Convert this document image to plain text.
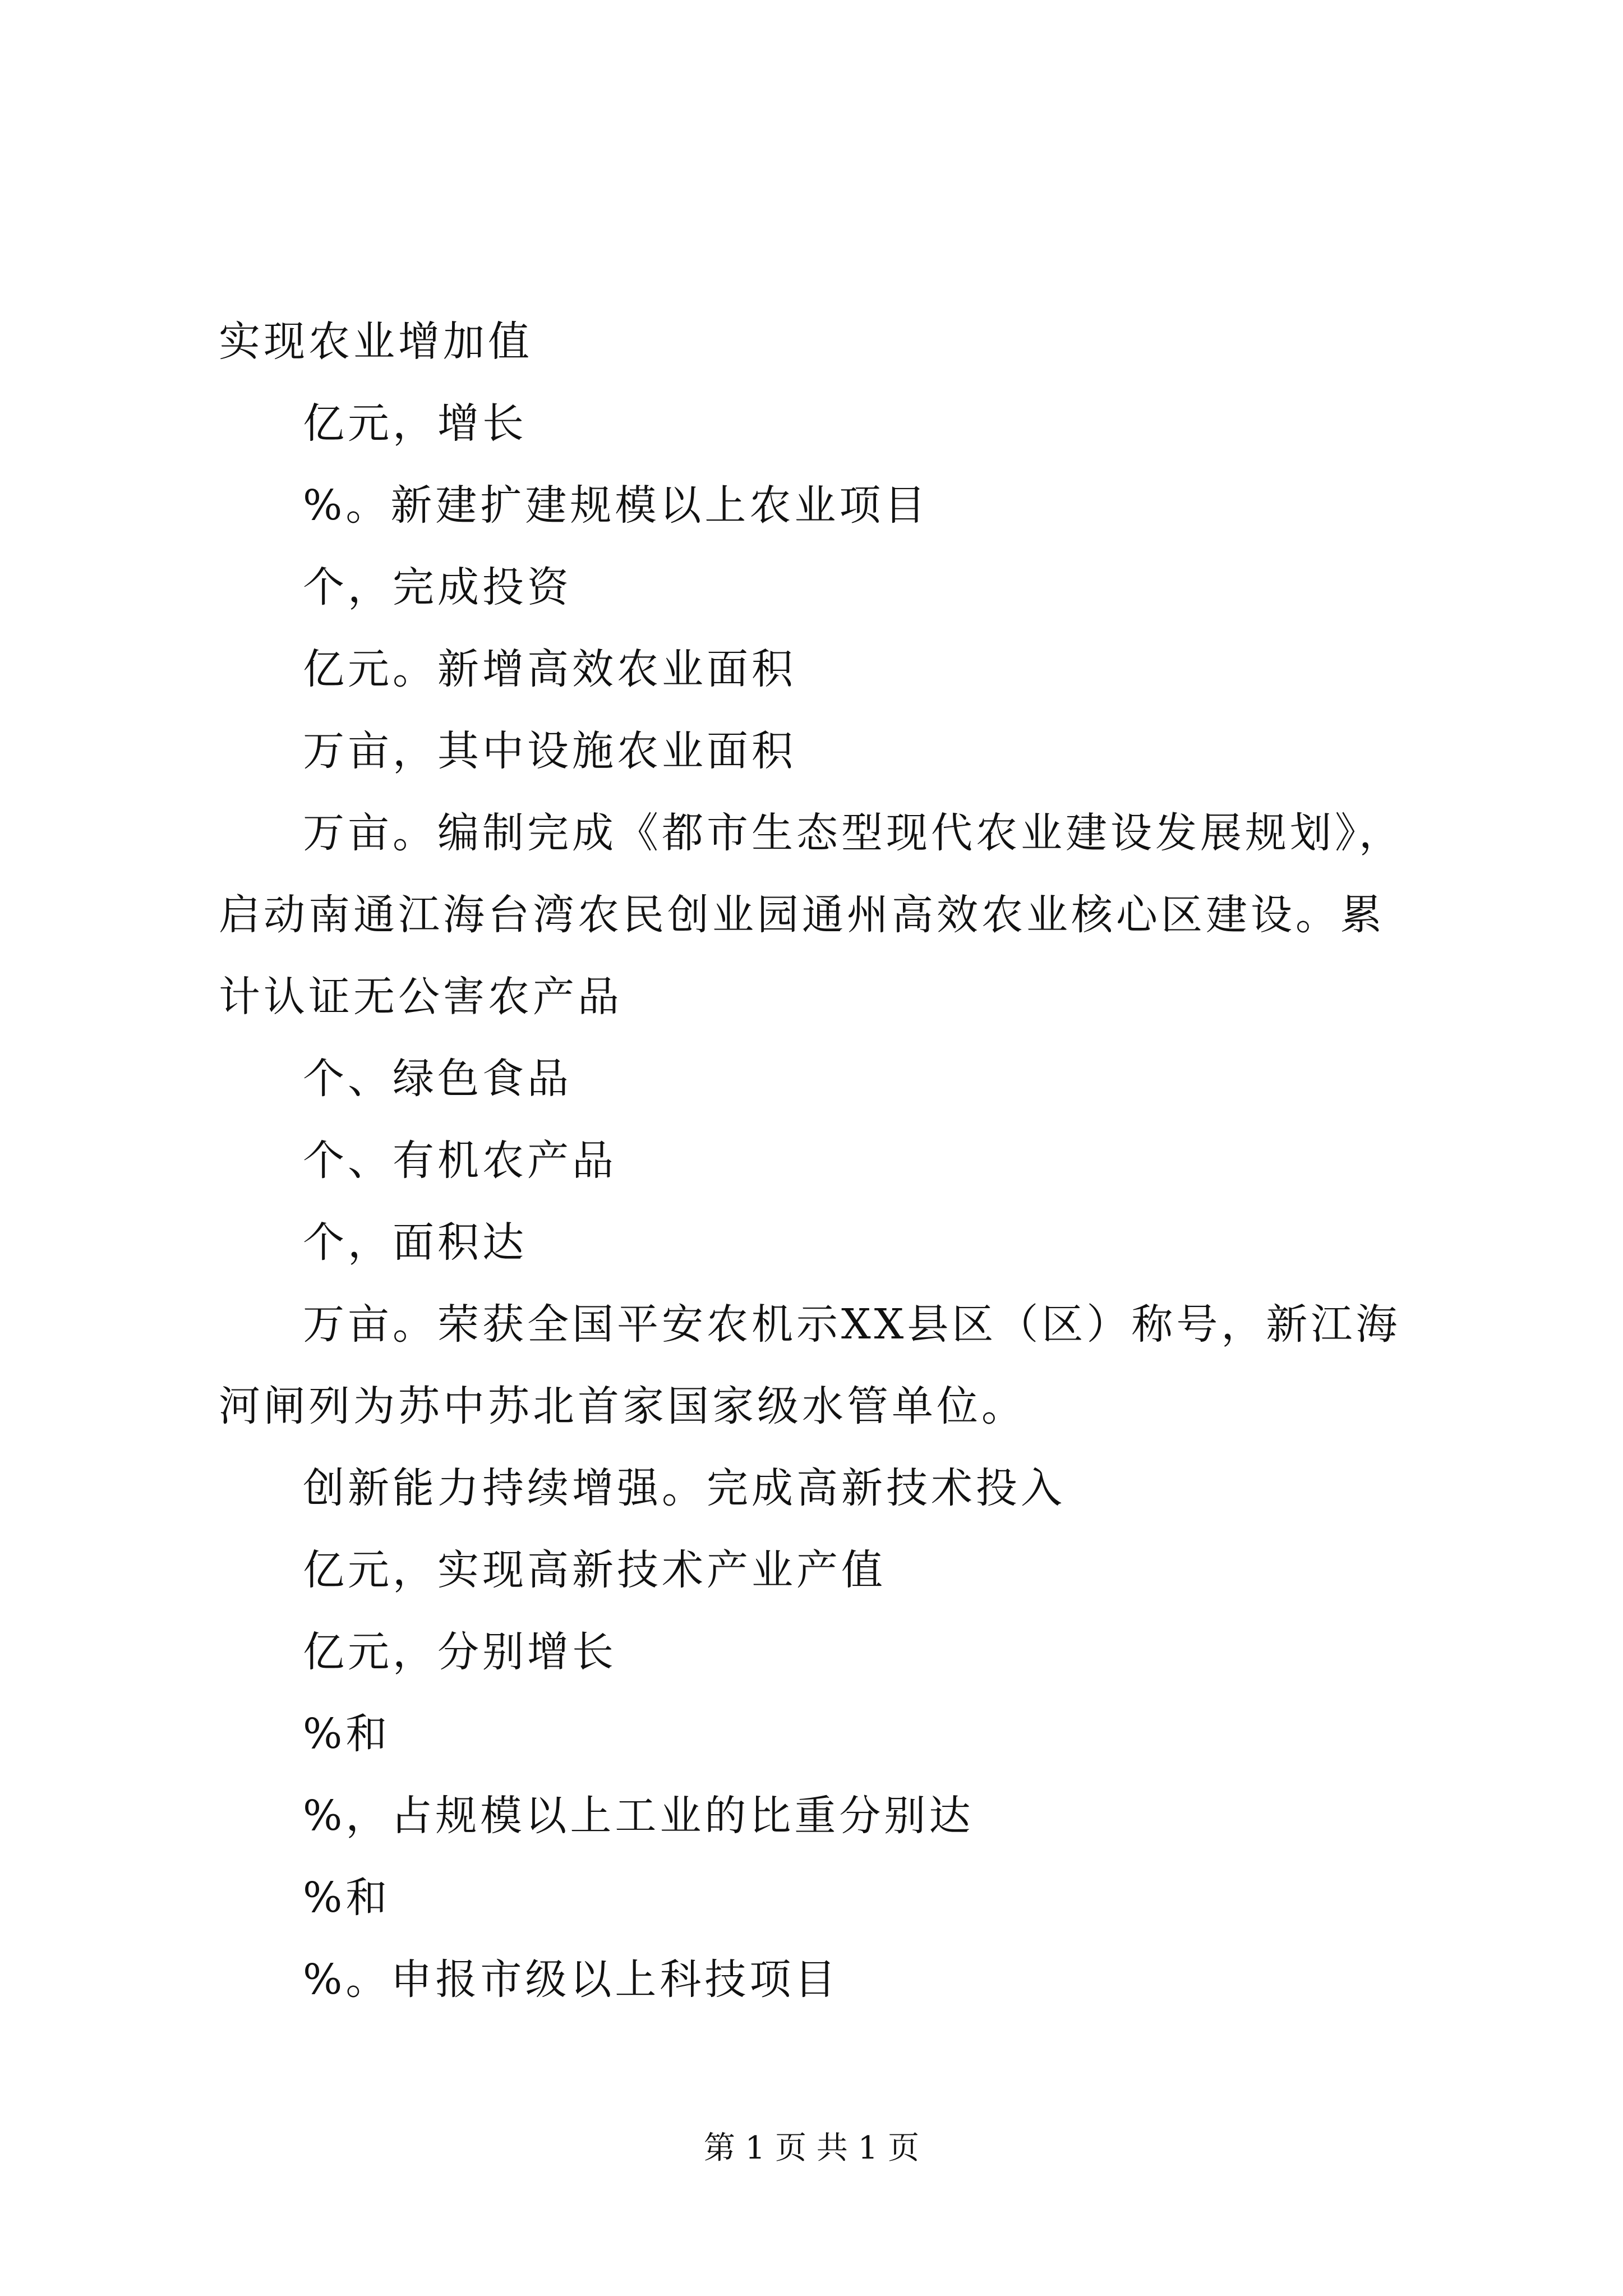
实现农业增加值
亿元，增长
%。新建扩建规模以上农业项目
个，完成投资
亿元。新增高效农业面积
万亩，其中设施农业面积
万亩。编制完成《都市生态型现代农业建设发展规划》，启动南通江海台湾农民创业园通州高效农业核心区建设。累计认证无公害农产品
个、绿色食品
个、有机农产品
个，面积达
万亩。荣获全国平安农机示XX县区（区）称号，新江海河闸列为苏中苏北首家国家级水管单位。
创新能力持续增强。完成高新技术投入
亿元，实现高新技术产业产值
亿元，分别增长
%和
%，占规模以上工业的比重分别达
%和
%。申报市级以上科技项目
第 1 页 共 1 页
